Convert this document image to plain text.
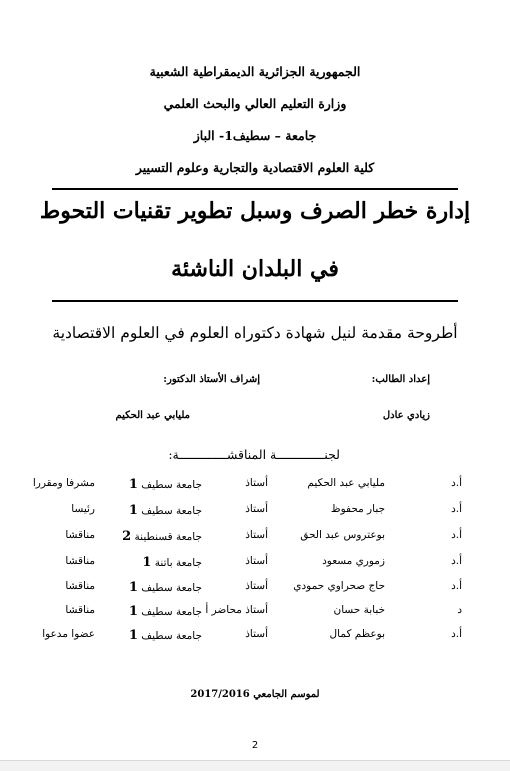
الجمهورية الجزائرية الديمقراطية الشعبية
وزارة التعليم العالي والبحث العلمي
جامعة – سطيف1- الباز
كلية العلوم الاقتصادية والتجارية وعلوم التسيير
إدارة خطر الصرف وسبل تطوير تقنيات التحوط
في البلدان الناشئة
أطروحة مقدمة لنيل شهادة دكتوراه العلوم في العلوم الاقتصادية
إعداد الطالب:
إشراف الأستاذ الدكتور:
زيادي عادل
مليابي عبد الحكيم
لجنـــــــــــــة المناقشـــــــــــــة:
أ.د
مليابي عبد الحكيم
أستاذ
جامعة سطيف 1
مشرفا ومقررا
أ.د
جبار محفوظ
أستاذ
جامعة سطيف 1
رئيسا
أ.د
بوعتروس عبد الحق
أستاذ
جامعة قسنطينة 2
مناقشا
أ.د
زموري مسعود
أستاذ
جامعة باتنة 1
مناقشا
أ.د
حاج صحراوي حمودي
أستاذ
جامعة سطيف 1
مناقشا
د
خبابة حسان
أستاذ محاضر أ
جامعة سطيف 1
مناقشا
أ.د
بوعظم كمال
أستاذ
جامعة سطيف 1
عضوا مدعوا
لموسم الجامعي 2017/2016
2
